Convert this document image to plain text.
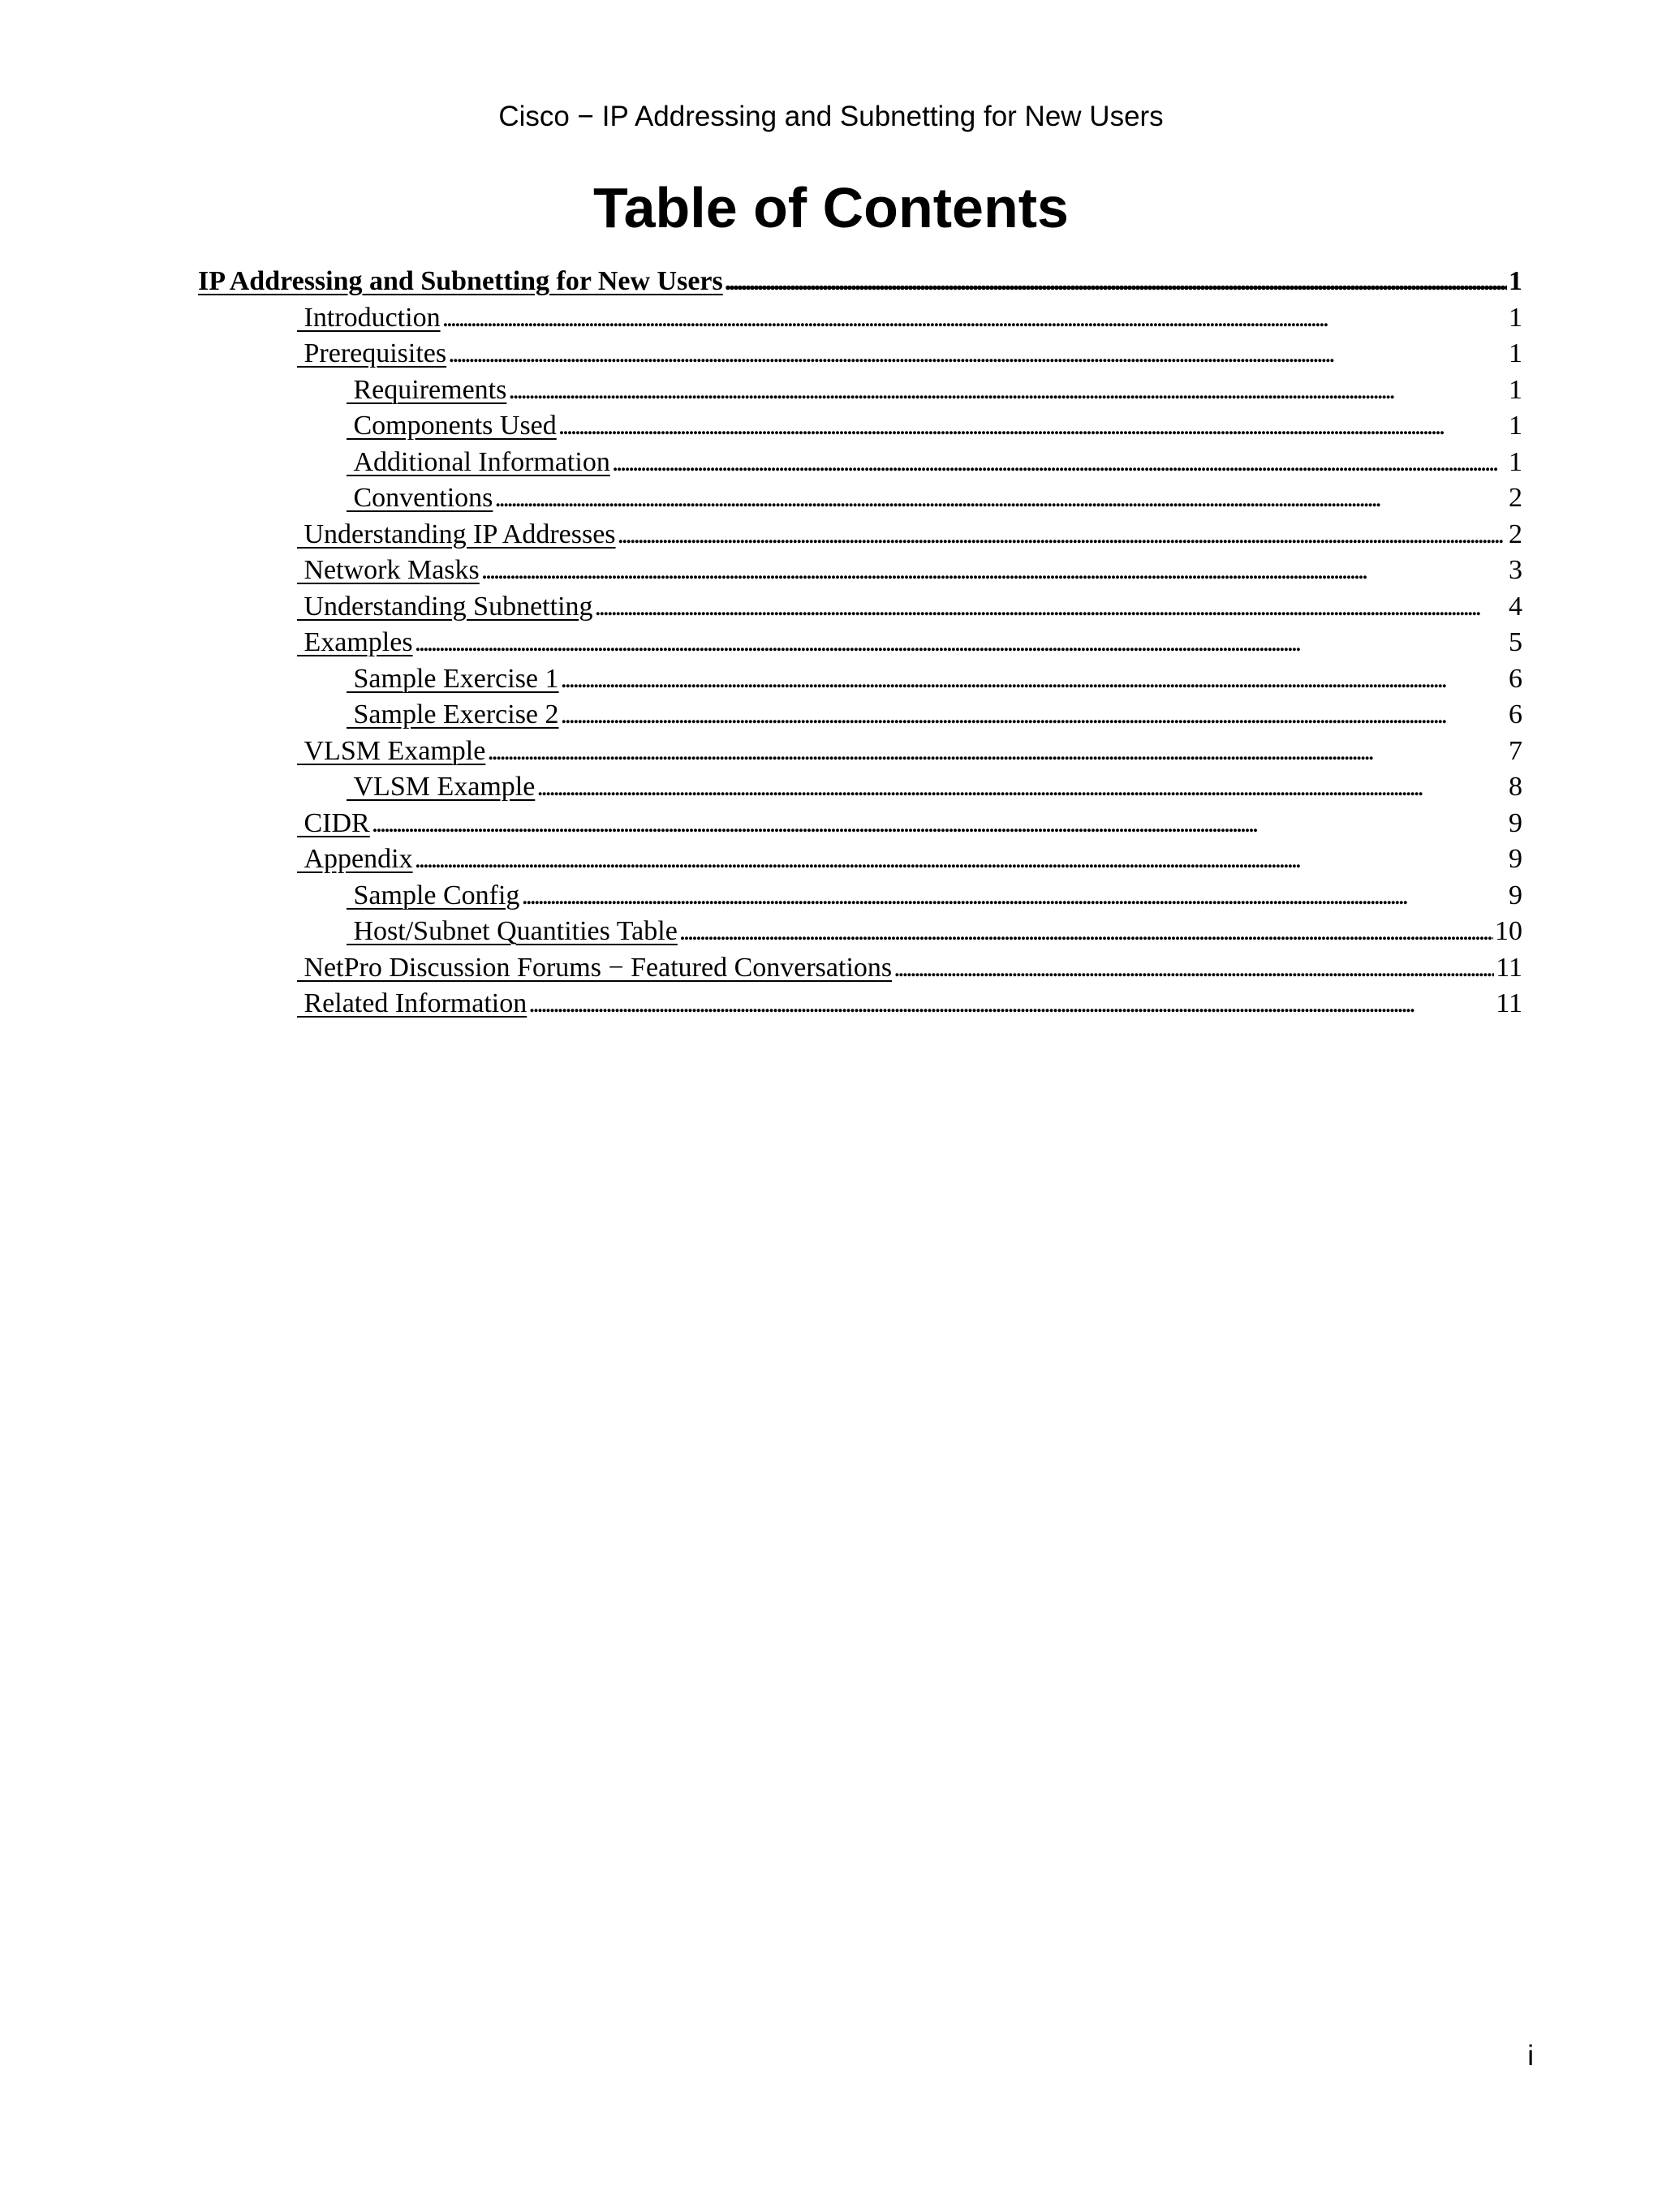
Cisco − IP Addressing and Subnetting for New Users
Table of Contents
IP Addressing and Subnetting for New Users . . .	1
Introduction . . .	1
Prerequisites . . .	1
Requirements . . .	1
Components Used . . .	1
Additional Information . . .	1
Conventions . . .	2
Understanding IP Addresses . . .	2
Network Masks . . .	3
Understanding Subnetting . . .	4
Examples . . .	5
Sample Exercise 1 . . .	6
Sample Exercise 2 . . .	6
VLSM Example . . .	7
VLSM Example . . .	8
CIDR . . .	9
Appendix . . .	9
Sample Config . . .	9
Host/Subnet Quantities Table . . .	10
NetPro Discussion Forums − Featured Conversations . . .	11
Related Information . . .	11
i
